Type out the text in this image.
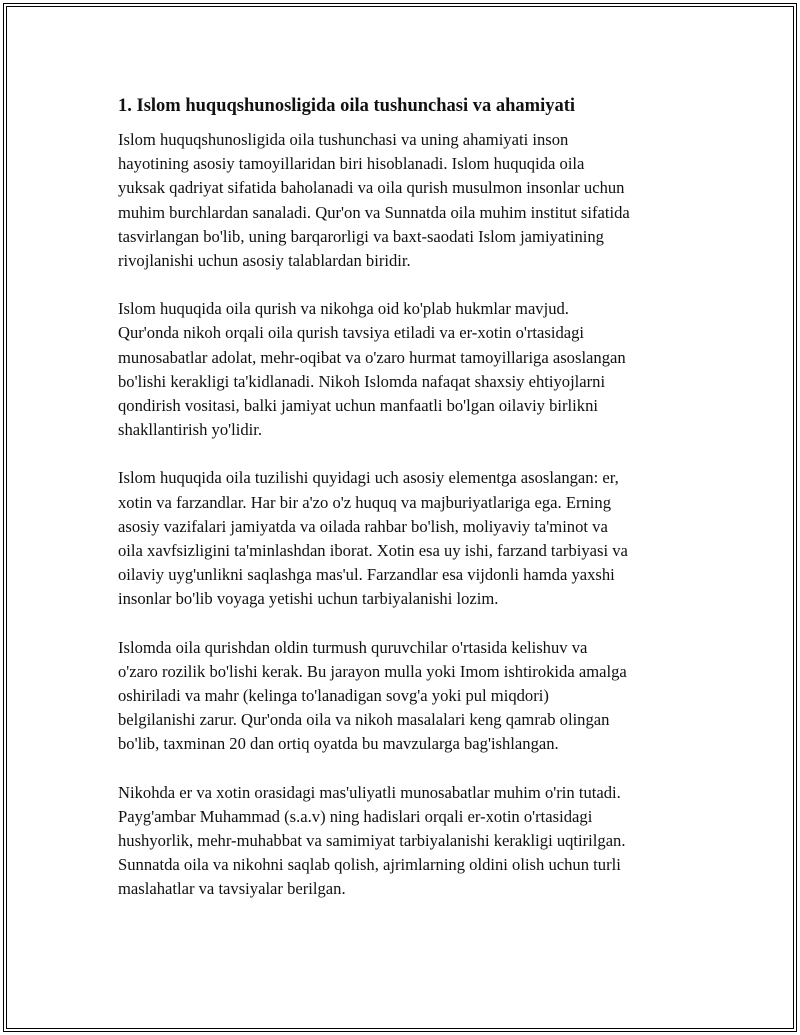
1. Islom huquqshunosligida oila tushunchasi va ahamiyati

Islom huquqshunosligida oila tushunchasi va uning ahamiyati inson
hayotining asosiy tamoyillaridan biri hisoblanadi. Islom huquqida oila
yuksak qadriyat sifatida baholanadi va oila qurish musulmon insonlar uchun
muhim burchlardan sanaladi. Qur'on va Sunnatda oila muhim institut sifatida
tasvirlangan bo'lib, uning barqarorligi va baxt-saodati Islom jamiyatining
rivojlanishi uchun asosiy talablardan biridir.

Islom huquqida oila qurish va nikohga oid ko'plab hukmlar mavjud.
Qur'onda nikoh orqali oila qurish tavsiya etiladi va er-xotin o'rtasidagi
munosabatlar adolat, mehr-oqibat va o'zaro hurmat tamoyillariga asoslangan
bo'lishi kerakligi ta'kidlanadi. Nikoh Islomda nafaqat shaxsiy ehtiyojlarni
qondirish vositasi, balki jamiyat uchun manfaatli bo'lgan oilaviy birlikni
shakllantirish yo'lidir.

Islom huquqida oila tuzilishi quyidagi uch asosiy elementga asoslangan: er,
xotin va farzandlar. Har bir a'zo o'z huquq va majburiyatlariga ega. Erning
asosiy vazifalari jamiyatda va oilada rahbar bo'lish, moliyaviy ta'minot va
oila xavfsizligini ta'minlashdan iborat. Xotin esa uy ishi, farzand tarbiyasi va
oilaviy uyg'unlikni saqlashga mas'ul. Farzandlar esa vijdonli hamda yaxshi
insonlar bo'lib voyaga yetishi uchun tarbiyalanishi lozim.

Islomda oila qurishdan oldin turmush quruvchilar o'rtasida kelishuv va
o'zaro rozilik bo'lishi kerak. Bu jarayon mulla yoki Imom ishtirokida amalga
oshiriladi va mahr (kelinga to'lanadigan sovg'a yoki pul miqdori)
belgilanishi zarur. Qur'onda oila va nikoh masalalari keng qamrab olingan
bo'lib, taxminan 20 dan ortiq oyatda bu mavzularga bag'ishlangan.

Nikohda er va xotin orasidagi mas'uliyatli munosabatlar muhim o'rin tutadi.
Payg'ambar Muhammad (s.a.v) ning hadislari orqali er-xotin o'rtasidagi
hushyorlik, mehr-muhabbat va samimiyat tarbiyalanishi kerakligi uqtirilgan.
Sunnatda oila va nikohni saqlab qolish, ajrimlarning oldini olish uchun turli
maslahatlar va tavsiyalar berilgan.
